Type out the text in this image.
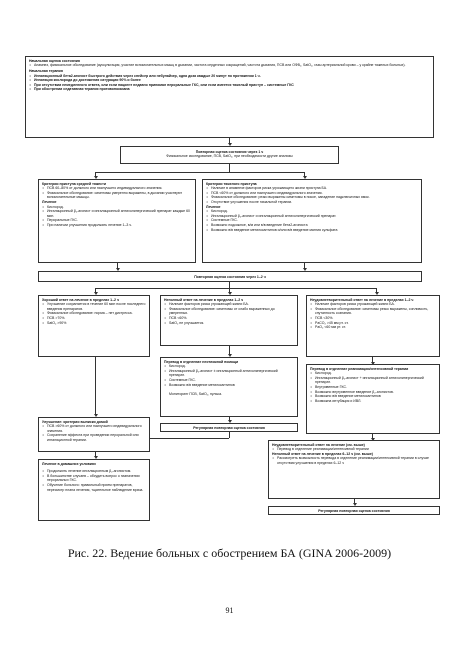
Начальная оценка состояния
• Анамнез, физикальное обследование (аускультация, участие вспомогательных мышц в дыхании, частота сердечных сокращений, частота дыхания, ПСВ или ОФВ₁, SatO₂, газы артериальной крови – у крайне тяжелых больных).
Начальная терапия
• Ингаляционный бета2-агонист быстрого действия через спейсер или небулайзер, одна доза каждые 20 минут по протяжении 1 ч.
• Ингаляция кислорода до достижения сатурации 90% и более
• При отсутствии немедленного ответа, или если пациент недавно принимал пероральные ГКС, или если имеется тяжелый приступ – системные ГКС
• При обострении седативная терапия противопоказана
Повторная оценка состояния через 1 ч
Физикальное исследование, ПСВ, SatO₂, при необходимости другие анализы
Критерии приступа средней тяжести
• ПСВ 60–80% от должного или наилучшего индивидуального значения.
• Физикальное обследование: симптомы умеренно выражены, в дыхании участвуют вспомогательные мышцы.
Лечение
• Кислород.
• Ингаляционный β₂-агонист и ингаляционный антихолинергический препарат каждые 60 мин.
• Пероральные ГКС.
• При наличии улучшения продолжать лечение 1–3 ч.
Критерии тяжелого приступа
• Наличие в анамнезе факторов риска угрожающего жизни приступа БА.
• ПСВ <60% от должного или наилучшего индивидуального значения.
• Физикальное обследование: резко выражены симптомы в покое, западение надключичных ямок.
• Отсутствие улучшения после начальной терапии.
Лечение
• Кислород.
• Ингаляционный β₂-агонист и ингаляционный антихолинергический препарат.
• Системные ГКС.
• Возможно подкожное, в/м или в/в введение бета2-агониста
• Возможно в/в введение метилксантинов и/или в/в введение магния сульфата
Повторная оценка состояния через 1–2 ч
Хороший ответ на лечение в пределах 1–2 ч
• Улучшение сохраняется в течение 60 мин после последнего введения препаратов.
• Физикальное обследование: норма – нет дистресса.
• ПСВ >70%.
• SatO₂ >90%
Неполный ответ на лечение в пределах 1–2 ч
• Наличие факторов риска угрожающей жизни БА.
• Физикальное обследование: симптомы от слабо выраженных до умеренных.
• ПСВ <60%.
• SatO₂ не улучшается.
Неудовлетворительный ответ на лечение в пределах 1–2 ч
• Наличие факторов риска угрожающей жизни БА.
• Физикальное обследование: симптомы резко выражены, сонливость, спутанность сознания.
• ПСВ <30%.
• PaCO₂ >45 мм рт. ст.
• PaO₂ <60 мм рт. ст.
Перевод в отделение неотложной помощи
• Кислород.
• Ингаляционный β₂-агонист ± ингаляционный антихолинергический препарат.
• Системные ГКС.
• Возможно в/в введение метилксантинов
Мониторинг ПСВ, SatO₂, пульса.
Перевод в отделение реанимации/интенсивной терапии
• Кислород.
• Ингаляционный β₂-агонист + ингаляционный антихолинергический препарат.
• Внутривенные ГКС.
• Возможно внутривенное введение β₂-агонистов.
• Возможно в/в введение метилксантинов
• Возможна интубация и ИВЛ.
Улучшение: критерии выписки домой
• ПСВ >60% от должного или наилучшего индивидуального значения.
• Сохранение эффекта при проведении пероральной или ингаляционной терапии.
Регулярная повторная оценка состояния
Лечение в домашних условиях
• Продолжить лечение ингаляционным β₂-агонистом.
• В большинстве случаев – обсудить вопрос о назначении пероральных ГКС.
• Обучение больного: правильный прием препаратов, пересмотр плана лечения, тщательное наблюдение врача.
Неудовлетворительный ответ на лечение (см. выше)
• Перевод в отделение реанимации/интенсивной терапии
Неполный ответ на лечение в пределах 6–12 ч (см. выше)
• Рассмотреть возможность перевода в отделение реанимации/интенсивной терапии в случае отсутствия улучшения в пределах 6–12 ч
Регулярная повторная оценка состояния
Рис. 22. Ведение больных с обострением БА (GINA 2006-2009)
91
